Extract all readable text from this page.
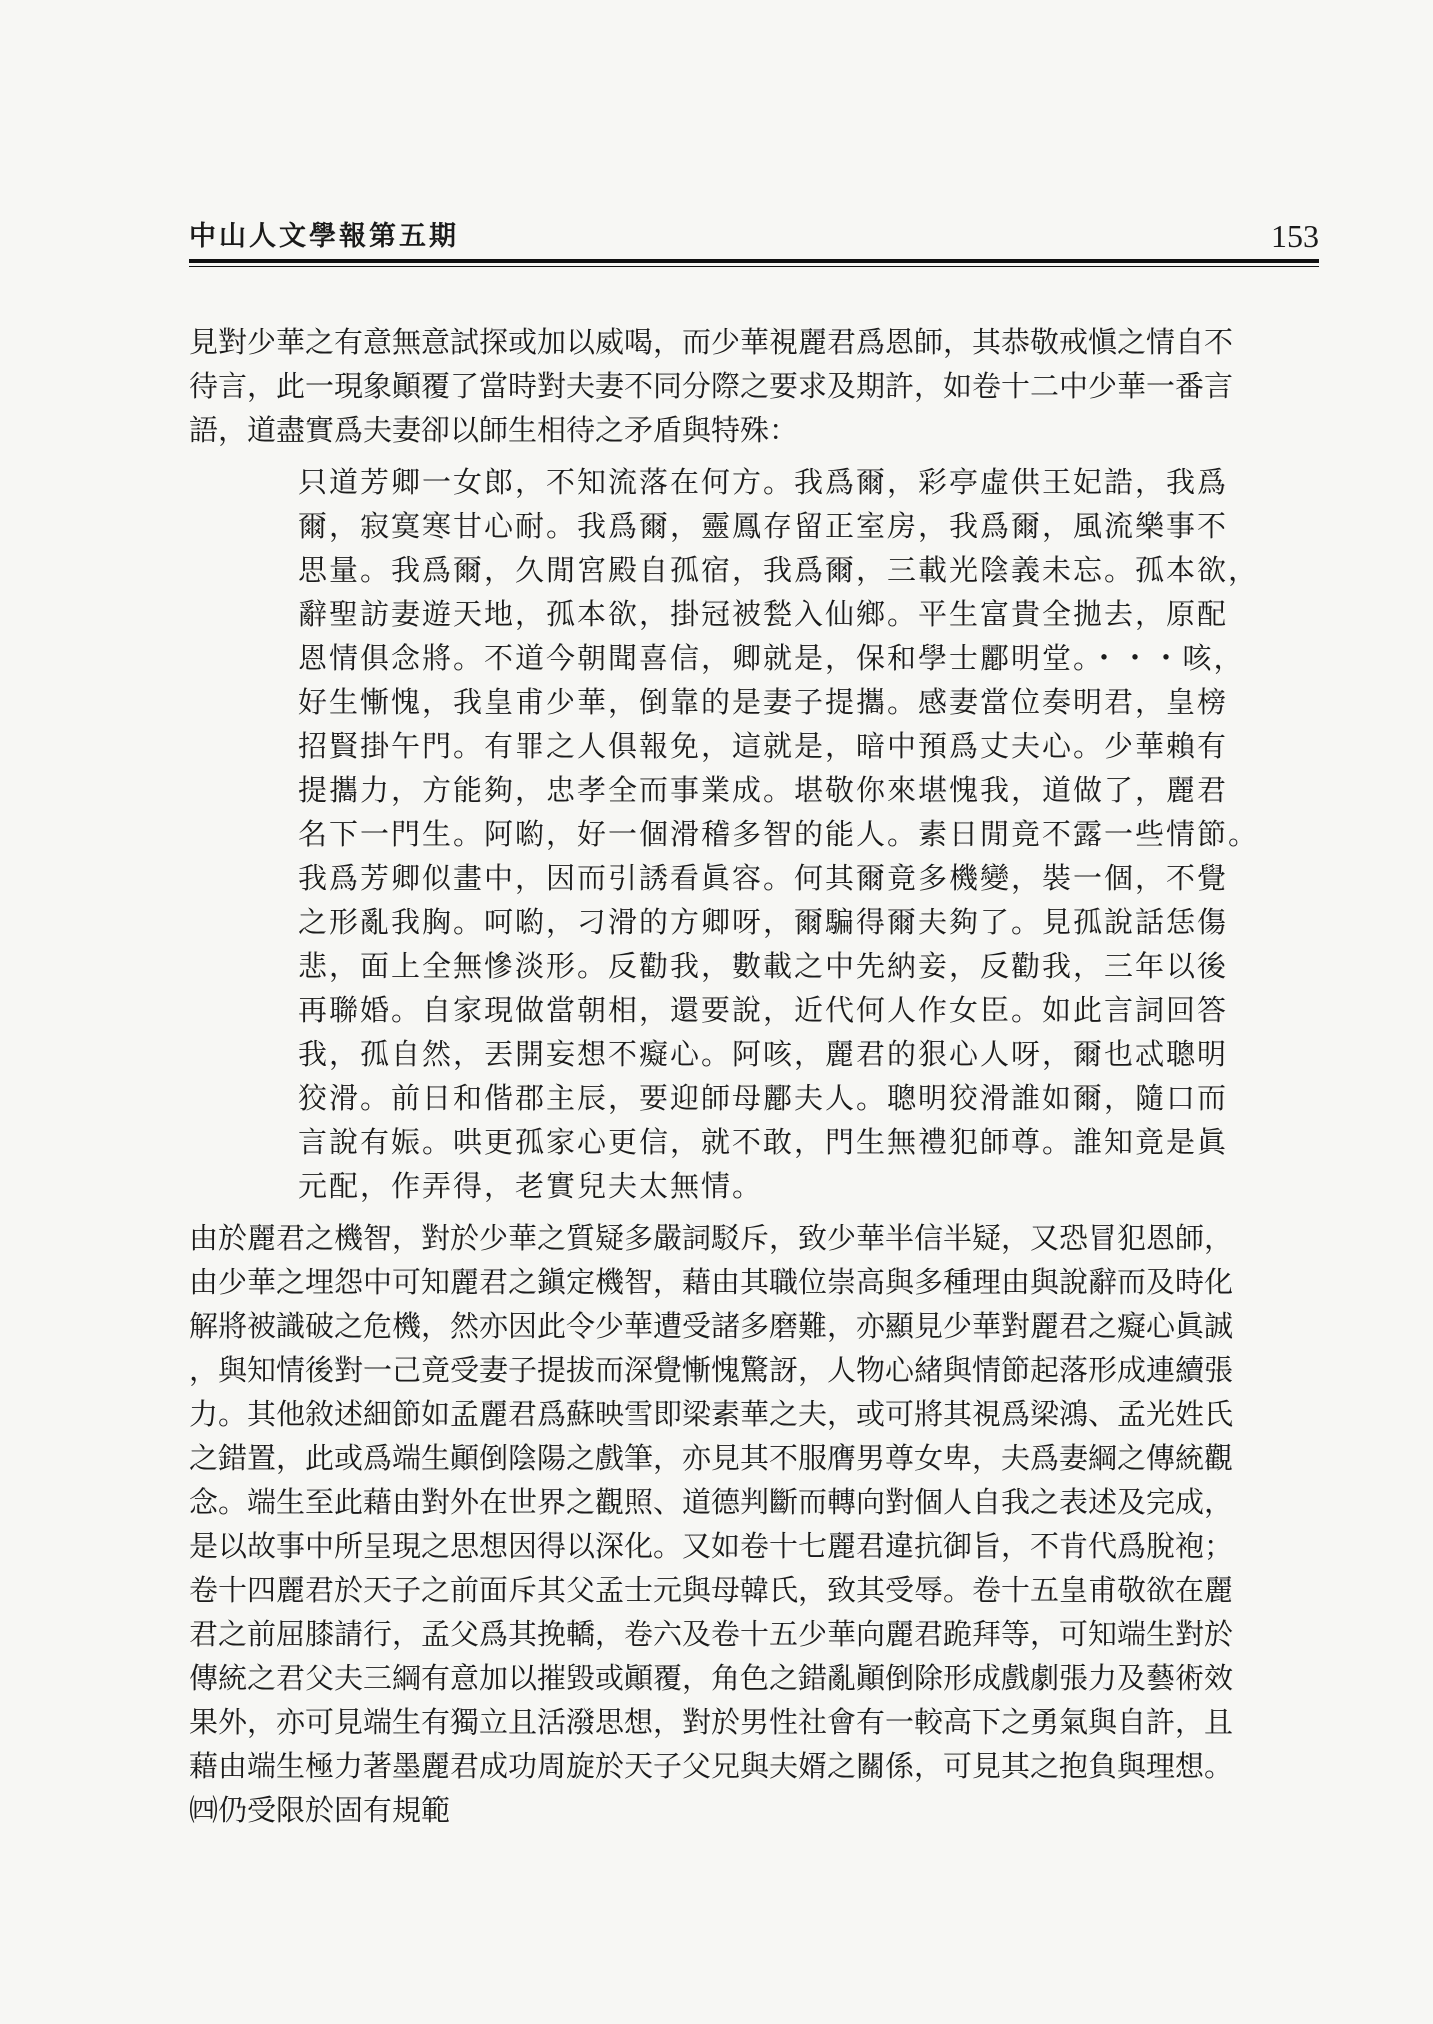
中山人文學報第五期	153
見對少華之有意無意試探或加以威喝，而少華視麗君爲恩師，其恭敬戒愼之情自不
待言，此一現象顚覆了當時對夫妻不同分際之要求及期許，如卷十二中少華一番言
語，道盡實爲夫妻卻以師生相待之矛盾與特殊：
只道芳卿一女郎，不知流落在何方。我爲爾，彩亭虛供王妃誥，我爲
爾，寂寞寒甘心耐。我爲爾，靈鳳存留正室房，我爲爾，風流樂事不
思量。我爲爾，久閒宮殿自孤宿，我爲爾，三載光陰義未忘。孤本欲，
辭聖訪妻遊天地，孤本欲，掛冠被甃入仙鄉。平生富貴全拋去，原配
恩情俱念將。不道今朝聞喜信，卿就是，保和學士酈明堂。・・・咳，
好生慚愧，我皇甫少華，倒靠的是妻子提攜。感妻當位奏明君，皇榜
招賢掛午門。有罪之人俱報免，這就是，暗中預爲丈夫心。少華賴有
提攜力，方能夠，忠孝全而事業成。堪敬你來堪愧我，道做了，麗君
名下一門生。阿喲，好一個滑稽多智的能人。素日閒竟不露一些情節。
我爲芳卿似畫中，因而引誘看眞容。何其爾竟多機變，裝一個，不覺
之形亂我胸。呵喲，刁滑的方卿呀，爾騙得爾夫夠了。見孤說話恁傷
悲，面上全無慘淡形。反勸我，數載之中先納妾，反勸我，三年以後
再聯婚。自家現做當朝相，還要說，近代何人作女臣。如此言詞回答
我，孤自然，丟開妄想不癡心。阿咳，麗君的狠心人呀，爾也忒聰明
狡滑。前日和偕郡主辰，要迎師母酈夫人。聰明狡滑誰如爾，隨口而
言說有娠。哄更孤家心更信，就不敢，門生無禮犯師尊。誰知竟是眞
元配，作弄得，老實兒夫太無情。
由於麗君之機智，對於少華之質疑多嚴詞駁斥，致少華半信半疑，又恐冒犯恩師，
由少華之埋怨中可知麗君之鎭定機智，藉由其職位崇高與多種理由與說辭而及時化
解將被識破之危機，然亦因此令少華遭受諸多磨難，亦顯見少華對麗君之癡心眞誠
，與知情後對一己竟受妻子提拔而深覺慚愧驚訝，人物心緒與情節起落形成連續張
力。其他敘述細節如孟麗君爲蘇映雪即梁素華之夫，或可將其視爲梁鴻、孟光姓氏
之錯置，此或爲端生顚倒陰陽之戲筆，亦見其不服膺男尊女卑，夫爲妻綱之傳統觀
念。端生至此藉由對外在世界之觀照、道德判斷而轉向對個人自我之表述及完成，
是以故事中所呈現之思想因得以深化。又如卷十七麗君違抗御旨，不肯代爲脫袍；
卷十四麗君於天子之前面斥其父孟士元與母韓氏，致其受辱。卷十五皇甫敬欲在麗
君之前屈膝請行，孟父爲其挽轎，卷六及卷十五少華向麗君跪拜等，可知端生對於
傳統之君父夫三綱有意加以摧毀或顚覆，角色之錯亂顚倒除形成戲劇張力及藝術效
果外，亦可見端生有獨立且活潑思想，對於男性社會有一較高下之勇氣與自許，且
藉由端生極力著墨麗君成功周旋於天子父兄與夫婿之關係，可見其之抱負與理想。
㈣仍受限於固有規範
